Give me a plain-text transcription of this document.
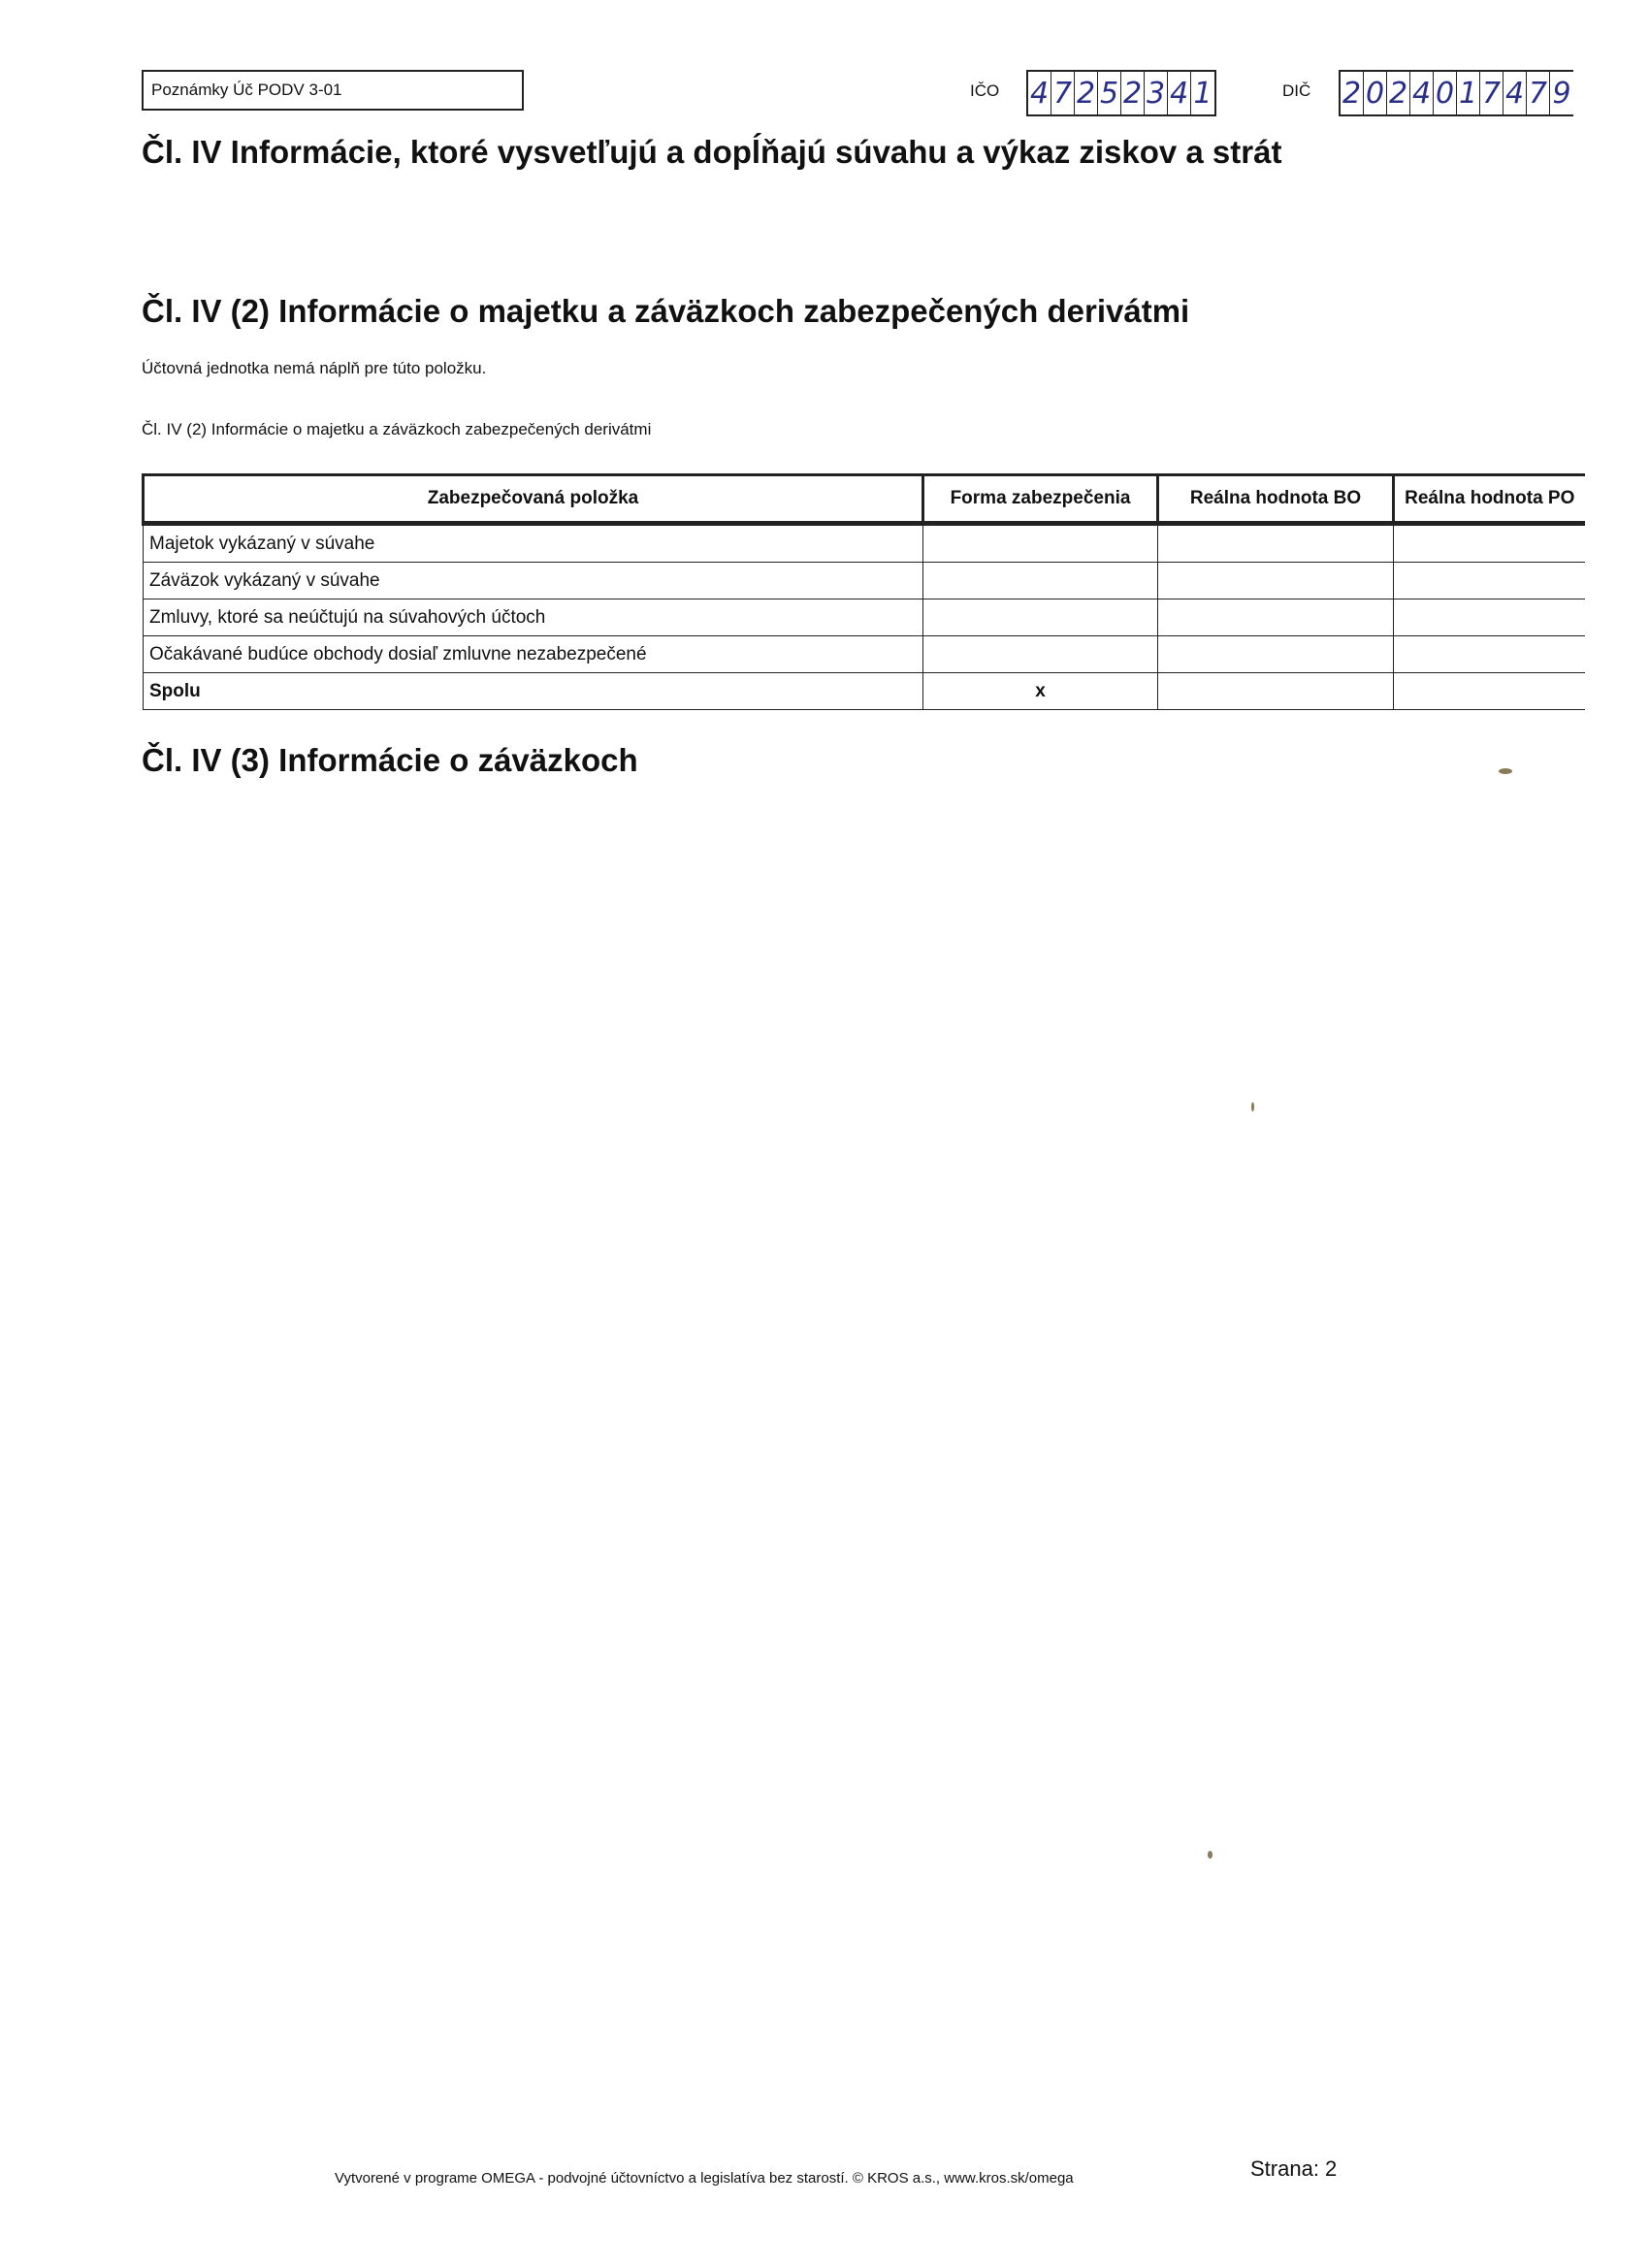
Poznámky Úč PODV 3-01	IČO 4 7 2 5 2 3 4 1	DIČ 2 0 2 4 0 1 7 4 7 9
Čl. IV Informácie, ktoré vysvetľujú a dopĺňajú súvahu a výkaz ziskov a strát
Čl. IV (2) Informácie o majetku a záväzkoch zabezpečených derivátmi
Účtovná jednotka nemá náplň pre túto položku.
Čl. IV (2) Informácie o majetku a záväzkoch zabezpečených derivátmi
Zabezpečovaná položka	Forma zabezpečenia	Reálna hodnota BO	Reálna hodnota PO
Majetok vykázaný v súvahe			
Záväzok vykázaný v súvahe			
Zmluvy, ktoré sa neúčtujú na súvahových účtoch			
Očakávané budúce obchody dosiaľ zmluvne nezabezpečené			
Spolu	x		
Čl. IV (3) Informácie o záväzkoch
Vytvorené v programe OMEGA - podvojné účtovníctvo a legislatíva bez starostí. © KROS a.s., www.kros.sk/omega	Strana: 2
